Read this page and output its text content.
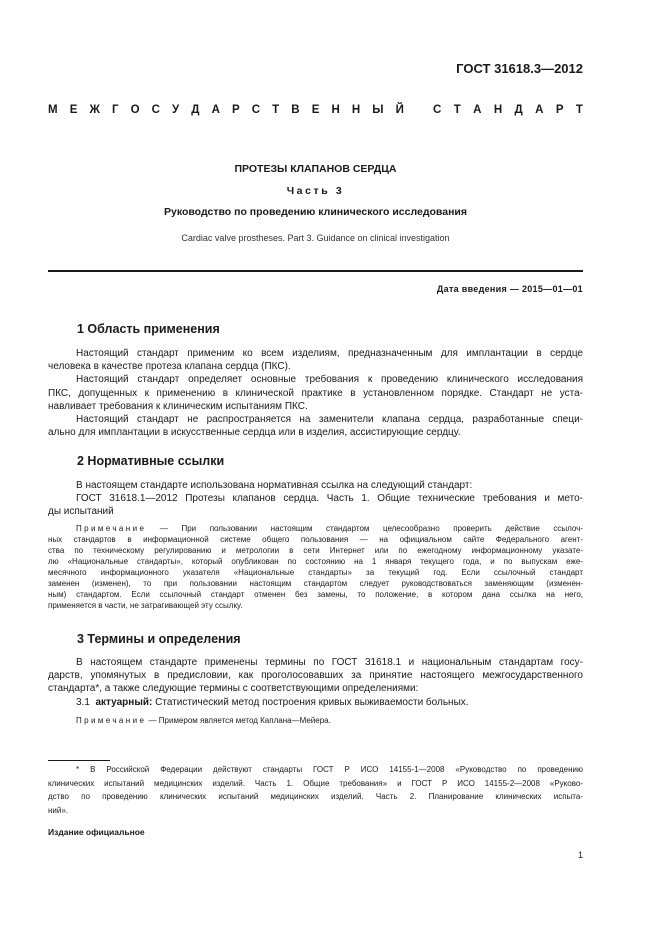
ГОСТ 31618.3—2012
М Е Ж Г О С У Д А Р С Т В Е Н Н Ы Й	С Т А Н Д А Р Т
ПРОТЕЗЫ КЛАПАНОВ СЕРДЦА
Часть 3
Руководство по проведению клинического исследования
Cardiac valve prostheses. Part 3. Guidance on clinical investigation
Дата введения — 2015—01—01
1 Область применения
Настоящий стандарт применим ко всем изделиям, предназначенным для имплантации в сердце
человека в качестве протеза клапана сердца (ПКС).
Настоящий стандарт определяет основные требования к проведению клинического исследования
ПКС, допущенных к применению в клинической практике в установленном порядке. Стандарт не уста-
навливает требования к клиническим испытаниям ПКС.
Настоящий стандарт не распространяется на заменители клапана сердца, разработанные специ-
ально для имплантации в искусственные сердца или в изделия, ассистирующие сердцу.
2 Нормативные ссылки
В настоящем стандарте использована нормативная ссылка на следующий стандарт:
ГОСТ 31618.1—2012 Протезы клапанов сердца. Часть 1. Общие технические требования и мето-
ды испытаний
Примечание — При пользовании настоящим стандартом целесообразно проверить действие ссылоч-
ных стандартов в информационной системе общего пользования — на официальном сайте Федерального агент-
ства по техническому регулированию и метрологии в сети Интернет или по ежегодному информационному указате-
лю «Национальные стандарты», который опубликован по состоянию на 1 января текущего года, и по выпускам еже-
месячного информационного указателя «Национальные стандарты» за текущий год. Если ссылочный стандарт
заменен (изменен), то при пользовании настоящим стандартом следует руководствоваться заменяющим (изменен-
ным) стандартом. Если ссылочный стандарт отменен без замены, то положение, в котором дана ссылка на него,
применяется в части, не затрагивающей эту ссылку.
3 Термины и определения
В настоящем стандарте применены термины по ГОСТ 31618.1 и национальным стандартам госу-
дарств, упомянутых в предисловии, как проголосовавших за принятие настоящего межгосударственного
стандарта*, а также следующие термины с соответствующими определениями:
3.1 актуарный: Статистический метод построения кривых выживаемости больных.
Примечание — Примером является метод Каплана—Мейера.
* В Российской Федерации действуют стандарты ГОСТ Р ИСО 14155-1—2008 «Руководство по проведению
клинических испытаний медицинских изделий. Часть 1. Общие требования» и ГОСТ Р ИСО 14155-2—2008 «Руково-
дство по проведению клинических испытаний медицинских изделий. Часть 2. Планирование клинических испыта-
ний».
Издание официальное
1
